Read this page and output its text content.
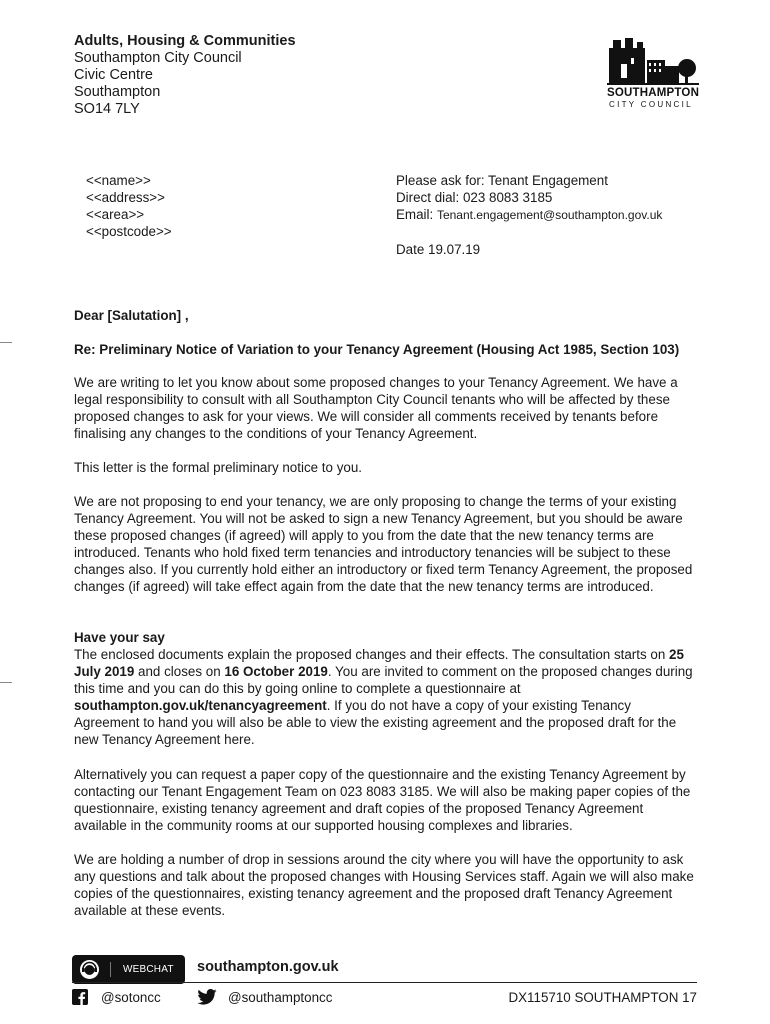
Adults, Housing & Communities
Southampton City Council
Civic Centre
Southampton
SO14 7LY
SOUTHAMPTON
CITY COUNCIL
<<name>>
<<address>>
<<area>>
<<postcode>>
Please ask for: Tenant Engagement
Direct dial: 023 8083 3185
Email: Tenant.engagement@southampton.gov.uk
Date 19.07.19
Dear [Salutation] ,
Re: Preliminary Notice of Variation to your Tenancy Agreement (Housing Act 1985, Section 103)

We are writing to let you know about some proposed changes to your Tenancy Agreement. We have a legal responsibility to consult with all Southampton City Council tenants who will be affected by these proposed changes to ask for your views. We will consider all comments received by tenants before finalising any changes to the conditions of your Tenancy Agreement.

This letter is the formal preliminary notice to you.

We are not proposing to end your tenancy, we are only proposing to change the terms of your existing Tenancy Agreement. You will not be asked to sign a new Tenancy Agreement, but you should be aware these proposed changes (if agreed) will apply to you from the date that the new tenancy terms are introduced. Tenants who hold fixed term tenancies and introductory tenancies will be subject to these changes also. If you currently hold either an introductory or fixed term Tenancy Agreement, the proposed changes (if agreed) will take effect again from the date that the new tenancy terms are introduced.

Have your say

The enclosed documents explain the proposed changes and their effects. The consultation starts on 25 July 2019 and closes on 16 October 2019. You are invited to comment on the proposed changes during this time and you can do this by going online to complete a questionnaire at southampton.gov.uk/tenancyagreement. If you do not have a copy of your existing Tenancy Agreement to hand you will also be able to view the existing agreement and the proposed draft for the new Tenancy Agreement here.

Alternatively you can request a paper copy of the questionnaire and the existing Tenancy Agreement by contacting our Tenant Engagement Team on 023 8083 3185. We will also be making paper copies of the questionnaire, existing tenancy agreement and draft copies of the proposed Tenancy Agreement available in the community rooms at our supported housing complexes and libraries.

We are holding a number of drop in sessions around the city where you will have the opportunity to ask any questions and talk about the proposed changes with Housing Services staff. Again we will also make copies of the questionnaires, existing tenancy agreement and the proposed draft Tenancy Agreement available at these events.

WEBCHAT southampton.gov.uk
@sotoncc	@southamptoncc	DX115710 SOUTHAMPTON 17
